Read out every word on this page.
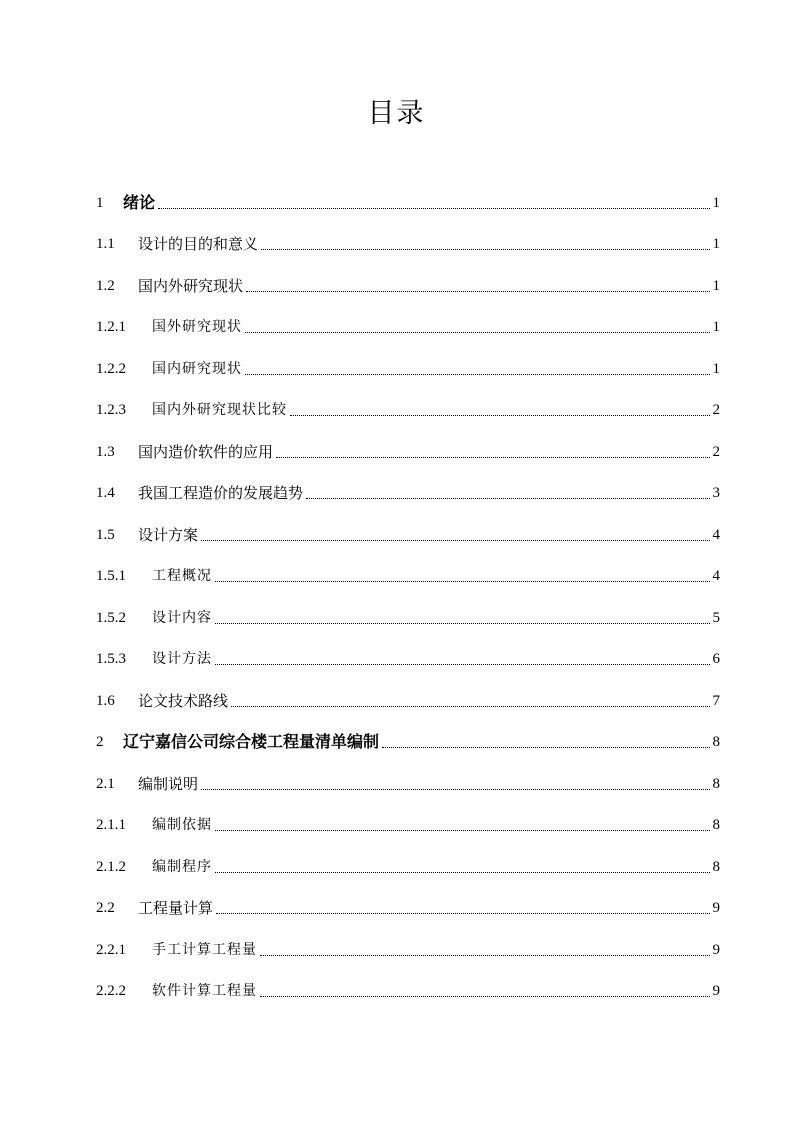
目录
1	绪论	1
1.1	设计的目的和意义	1
1.2	国内外研究现状	1
1.2.1	国外研究现状	1
1.2.2	国内研究现状	1
1.2.3	国内外研究现状比较	2
1.3	国内造价软件的应用	2
1.4	我国工程造价的发展趋势	3
1.5	设计方案	4
1.5.1	工程概况	4
1.5.2	设计内容	5
1.5.3	设计方法	6
1.6	论文技术路线	7
2	辽宁嘉信公司综合楼工程量清单编制	8
2.1	编制说明	8
2.1.1	编制依据	8
2.1.2	编制程序	8
2.2	工程量计算	9
2.2.1	手工计算工程量	9
2.2.2	软件计算工程量	9
